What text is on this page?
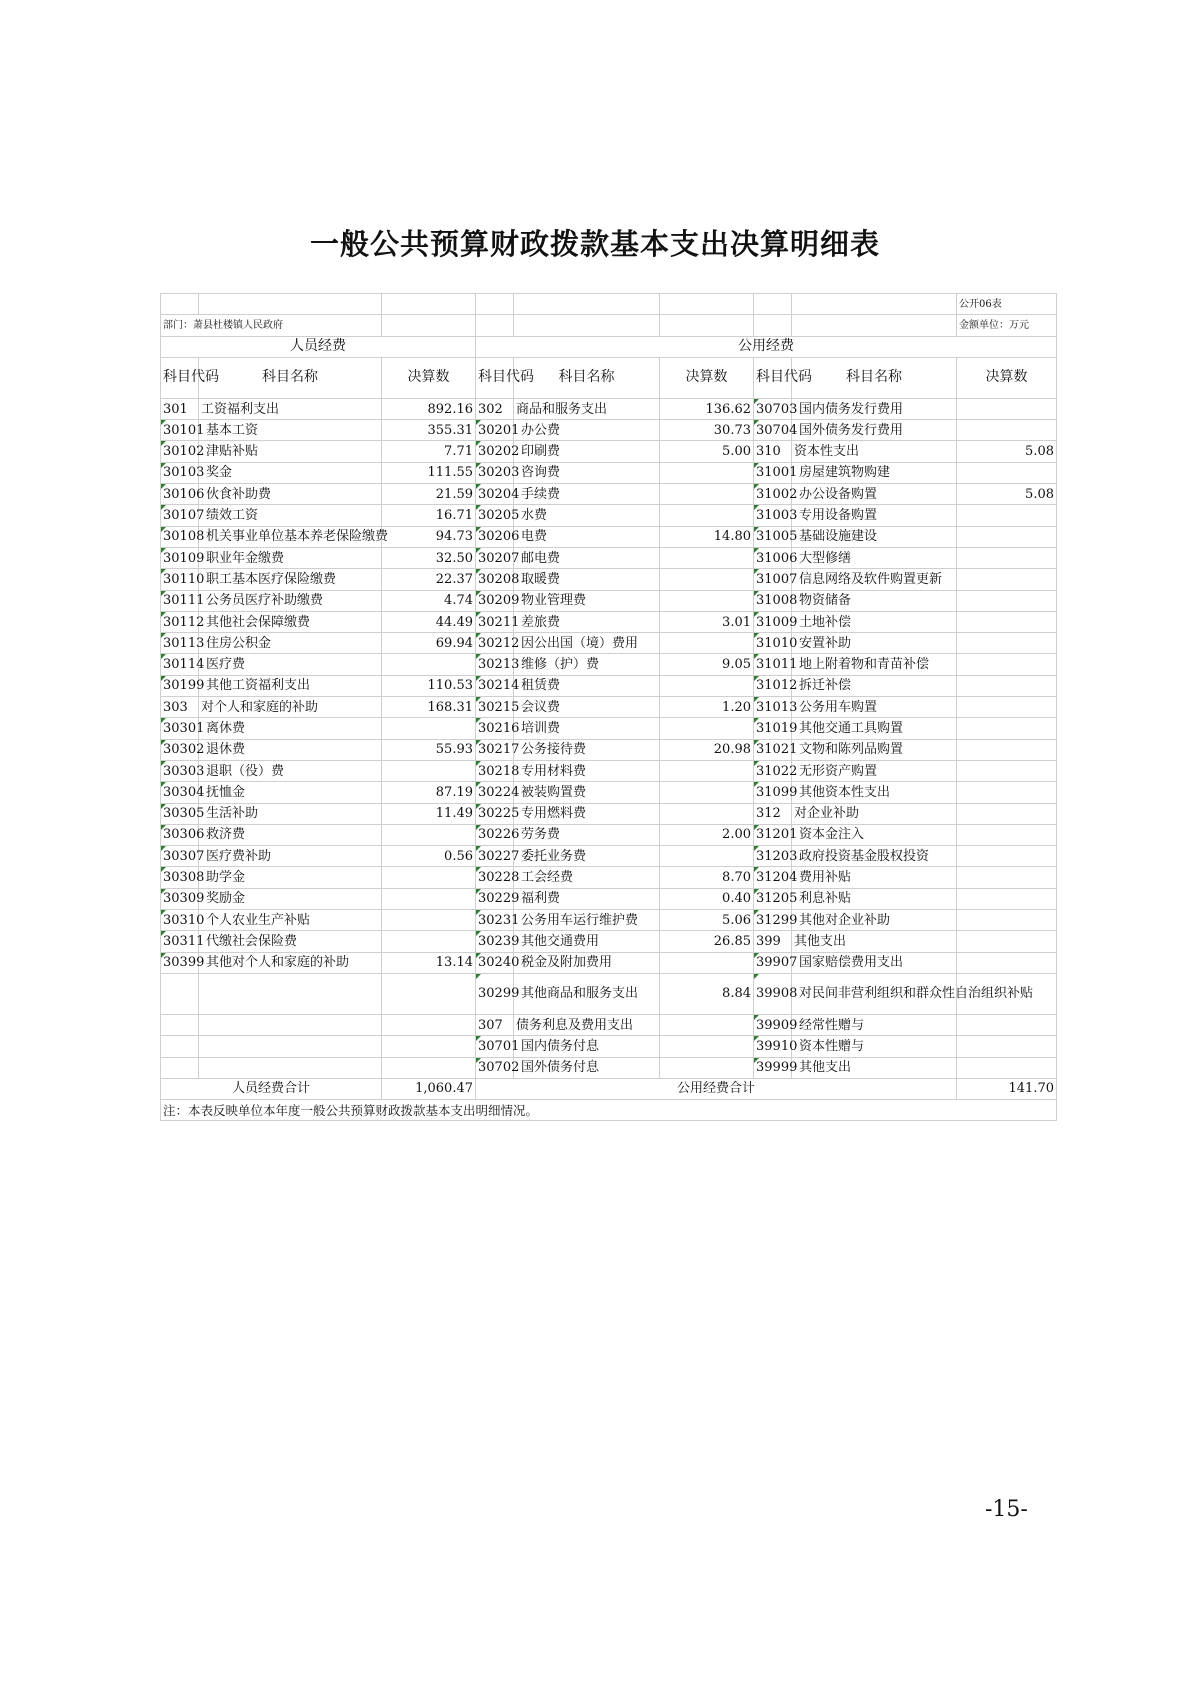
一般公共预算财政拨款基本支出决算明细表
								公开06表
部门：萧县杜楼镇人民政府								金额单位：万元
人员经费			公用经费					
科目代码	科目名称	决算数	科目代码	科目名称	决算数	科目代码	科目名称	决算数
301	工资福利支出	892.16	302	商品和服务支出	136.62	30703	国内债务发行费用	
30101	基本工资	355.31	30201	办公费	30.73	30704	国外债务发行费用	
30102	津贴补贴	7.71	30202	印刷费	5.00	310	资本性支出	5.08
30103	奖金	111.55	30203	咨询费		31001	房屋建筑物购建	
30106	伙食补助费	21.59	30204	手续费		31002	办公设备购置	5.08
30107	绩效工资	16.71	30205	水费		31003	专用设备购置	
30108	机关事业单位基本养老保险缴费	94.73	30206	电费	14.80	31005	基础设施建设	
30109	职业年金缴费	32.50	30207	邮电费		31006	大型修缮	
30110	职工基本医疗保险缴费	22.37	30208	取暖费		31007	信息网络及软件购置更新	
30111	公务员医疗补助缴费	4.74	30209	物业管理费		31008	物资储备	
30112	其他社会保障缴费	44.49	30211	差旅费	3.01	31009	土地补偿	
30113	住房公积金	69.94	30212	因公出国（境）费用		31010	安置补助	
30114	医疗费		30213	维修（护）费	9.05	31011	地上附着物和青苗补偿	
30199	其他工资福利支出	110.53	30214	租赁费		31012	拆迁补偿	
303	对个人和家庭的补助	168.31	30215	会议费	1.20	31013	公务用车购置	
30301	离休费		30216	培训费		31019	其他交通工具购置	
30302	退休费	55.93	30217	公务接待费	20.98	31021	文物和陈列品购置	
30303	退职（役）费		30218	专用材料费		31022	无形资产购置	
30304	抚恤金	87.19	30224	被装购置费		31099	其他资本性支出	
30305	生活补助	11.49	30225	专用燃料费		312	对企业补助	
30306	救济费		30226	劳务费	2.00	31201	资本金注入	
30307	医疗费补助	0.56	30227	委托业务费		31203	政府投资基金股权投资	
30308	助学金		30228	工会经费	8.70	31204	费用补贴	
30309	奖励金		30229	福利费	0.40	31205	利息补贴	
30310	个人农业生产补贴		30231	公务用车运行维护费	5.06	31299	其他对企业补助	
30311	代缴社会保险费		30239	其他交通费用	26.85	399	其他支出	
30399	其他对个人和家庭的补助	13.14	30240	税金及附加费用		39907	国家赔偿费用支出	
			30299	其他商品和服务支出	8.84	39908	对民间非营利组织和群众性自治组织补贴	
			307	债务利息及费用支出		39909	经常性赠与	
			30701	国内债务付息		39910	资本性赠与	
			30702	国外债务付息		39999	其他支出	
人员经费合计		1,060.47	公用经费合计					141.70
注：本表反映单位本年度一般公共预算财政拨款基本支出明细情况。								
-15-
